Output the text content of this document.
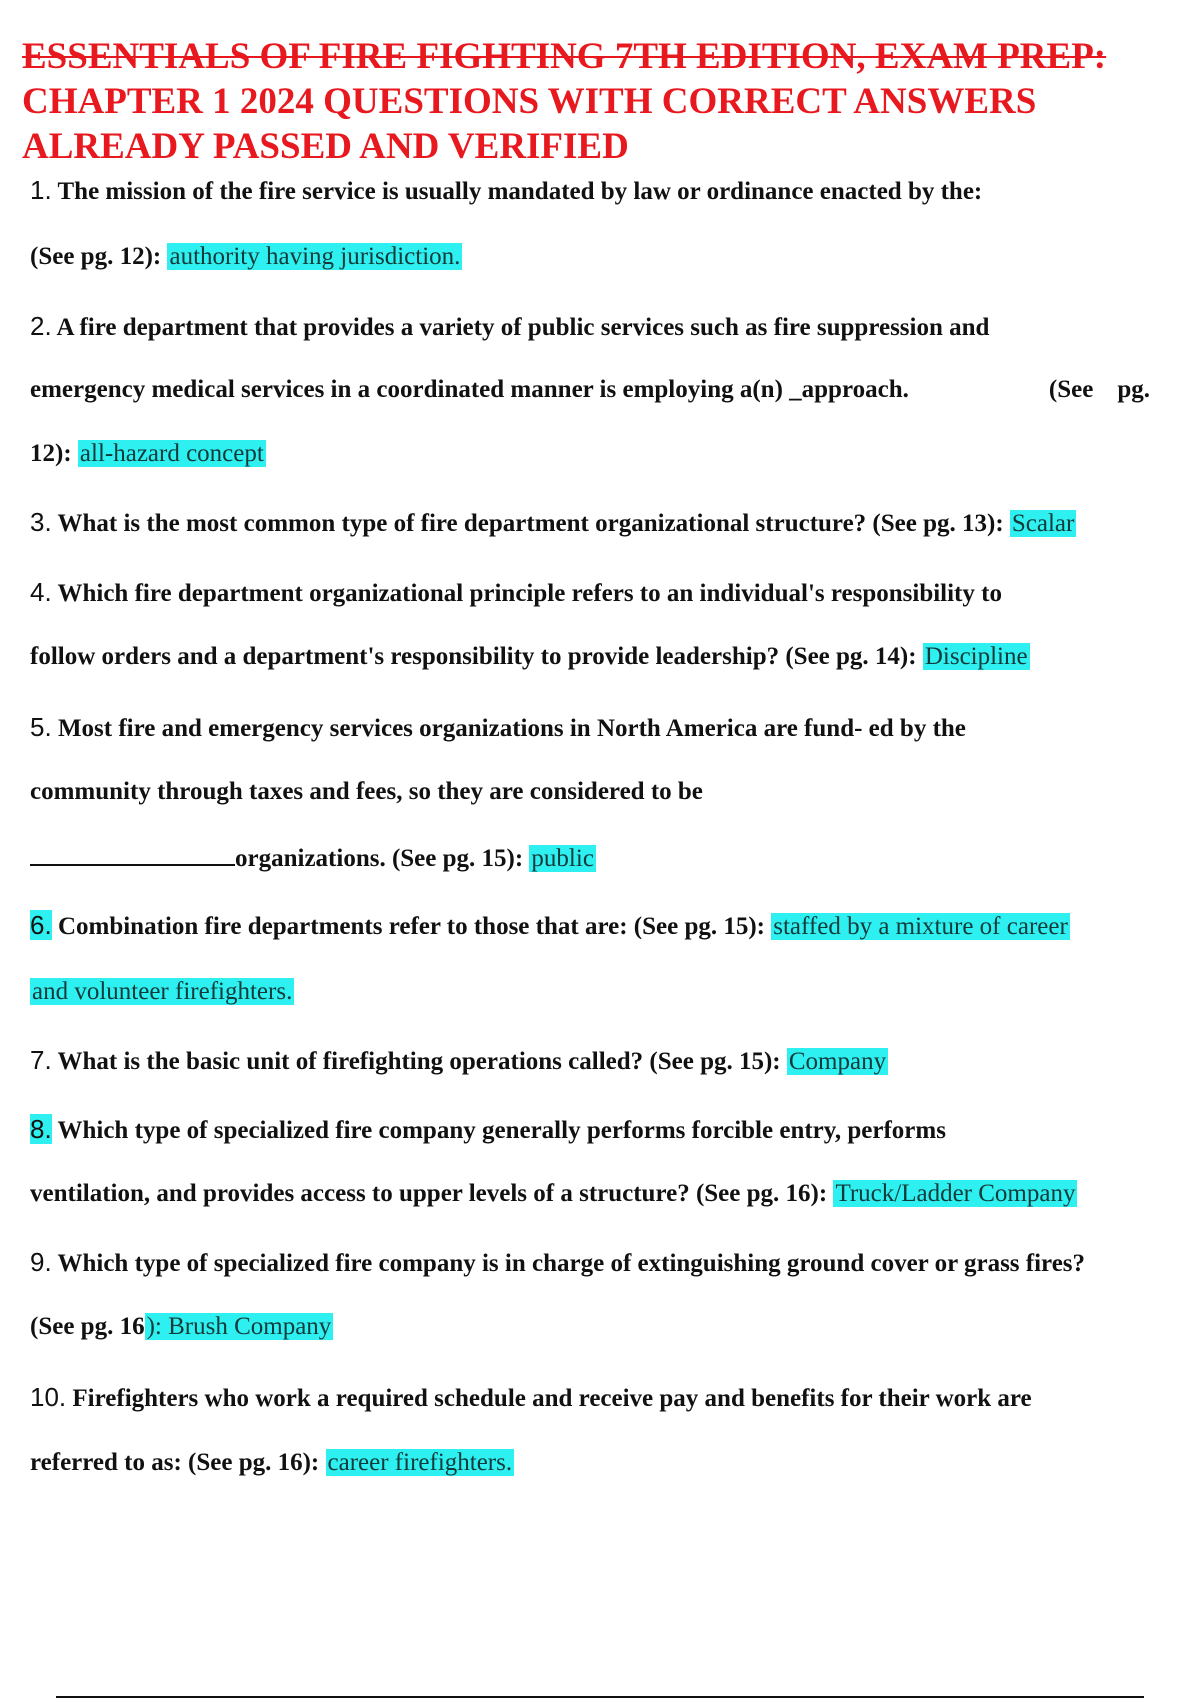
ESSENTIALS OF FIRE FIGHTING 7TH EDITION, EXAM PREP:
CHAPTER 1 2024 QUESTIONS WITH CORRECT ANSWERS
ALREADY PASSED AND VERIFIED
1. The mission of the fire service is usually mandated by law or ordinance enacted by the:
(See pg. 12): authority having jurisdiction.
2. A fire department that provides a variety of public services such as fire suppression and
emergency medical services in a coordinated manner is employing a(n) _approach.	(See pg.
12): all-hazard concept
3. What is the most common type of fire department organizational structure? (See pg. 13): Scalar
4. Which fire department organizational principle refers to an individual's responsibility to
follow orders and a department's responsibility to provide leadership? (See pg. 14): Discipline
5. Most fire and emergency services organizations in North America are fund- ed by the
community through taxes and fees, so they are considered to be
organizations. (See pg. 15): public
6. Combination fire departments refer to those that are: (See pg. 15): staffed by a mixture of career
and volunteer firefighters.
7. What is the basic unit of firefighting operations called? (See pg. 15): Company
8. Which type of specialized fire company generally performs forcible entry, performs
ventilation, and provides access to upper levels of a structure? (See pg. 16): Truck/Ladder Company
9. Which type of specialized fire company is in charge of extinguishing ground cover or grass fires?
(See pg. 16): Brush Company
10. Firefighters who work a required schedule and receive pay and benefits for their work are
referred to as: (See pg. 16): career firefighters.
